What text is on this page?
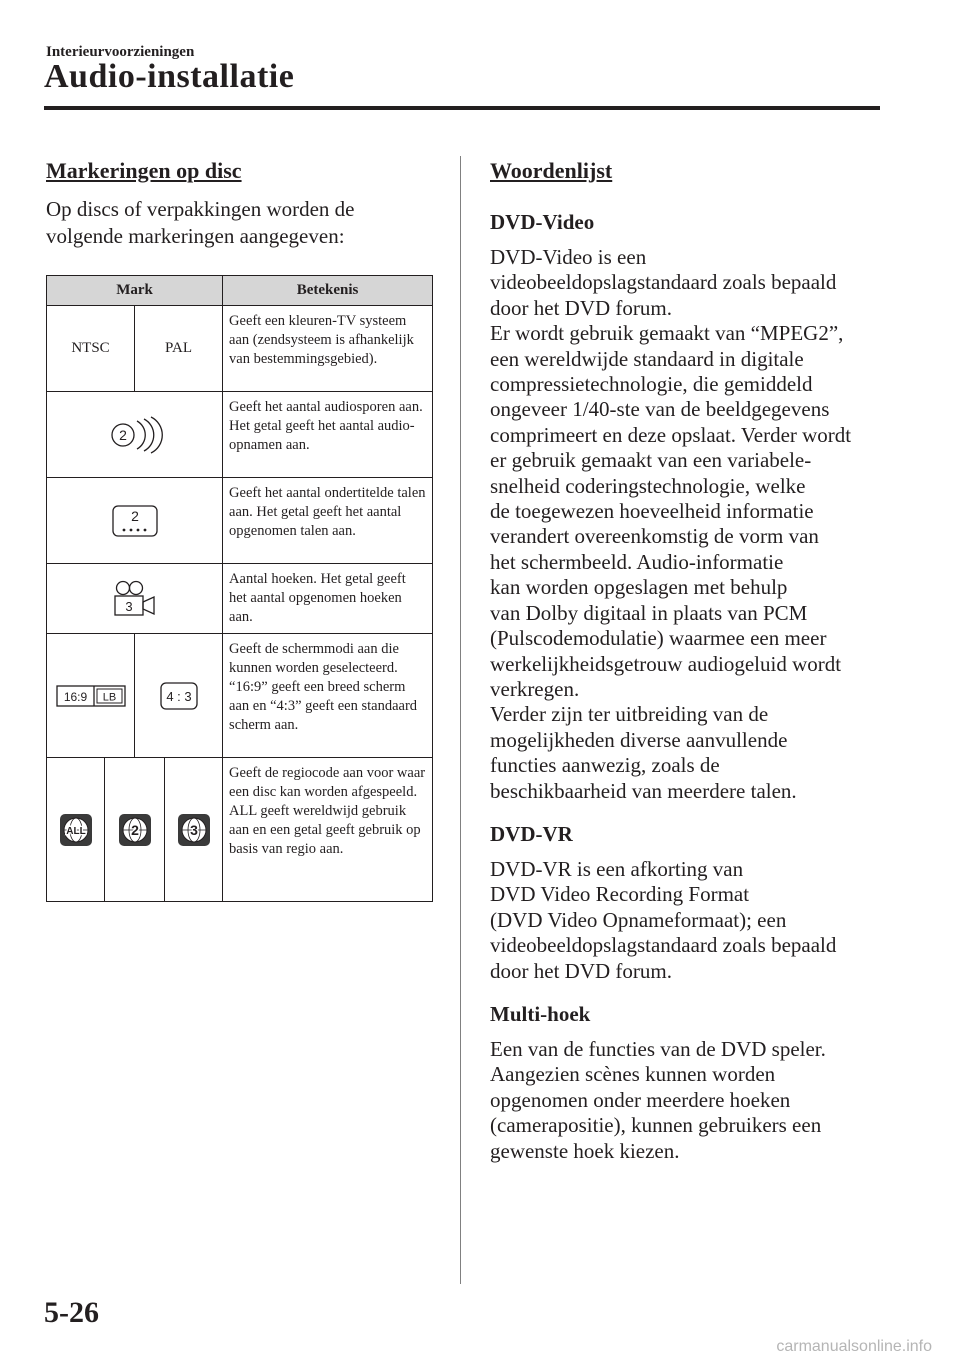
Interieurvoorzieningen
Audio-installatie
Markeringen op disc

Op discs of verpakkingen worden de volgende markeringen aangegeven:

Mark				Betekenis
NTSC		PAL		Geeft een kleuren-TV systeem aan (zendsysteem is afhankelijk van bestemmingsgebied).

2				Geeft het aantal audiosporen aan. Het getal geeft het aantal audio-opnamen aan.

2				Geeft het aantal ondertitelde talen aan. Het getal geeft het aantal opgenomen talen aan.

3				Aantal hoeken. Het getal geeft het aantal opgenomen hoeken aan.

16:9 LB		4 : 3		Geeft de schermmodi aan die kunnen worden geselecteerd. “16:9” geeft een breed scherm aan en “4:3” geeft een standaard scherm aan.

ALL	2		3	Geeft de regiocode aan voor waar een disc kan worden afgespeeld. ALL geeft wereldwijd gebruik aan en een getal geeft gebruik op basis van regio aan.
Woordenlijst
DVD-Video

DVD-Video is een
videobeeldopslagstandaard zoals bepaald
door het DVD forum.
Er wordt gebruik gemaakt van “MPEG2”,
een wereldwijde standaard in digitale
compressietechnologie, die gemiddeld
ongeveer 1/40-ste van de beeldgegevens
comprimeert en deze opslaat. Verder wordt
er gebruik gemaakt van een variabele-
snelheid coderingstechnologie, welke
de toegewezen hoeveelheid informatie
verandert overeenkomstig de vorm van
het schermbeeld. Audio-informatie
kan worden opgeslagen met behulp
van Dolby digitaal in plaats van PCM
(Pulscodemodulatie) waarmee een meer
werkelijkheidsgetrouw audiogeluid wordt
verkregen.
Verder zijn ter uitbreiding van de
mogelijkheden diverse aanvullende
functies aanwezig, zoals de
beschikbaarheid van meerdere talen.

DVD-VR

DVD-VR is een afkorting van
DVD Video Recording Format
(DVD Video Opnameformaat); een
videobeeldopslagstandaard zoals bepaald
door het DVD forum.

Multi-hoek

Een van de functies van de DVD speler.
Aangezien scènes kunnen worden
opgenomen onder meerdere hoeken
(camerapositie), kunnen gebruikers een
gewenste hoek kiezen.

5-26
carmanualsonline.info
